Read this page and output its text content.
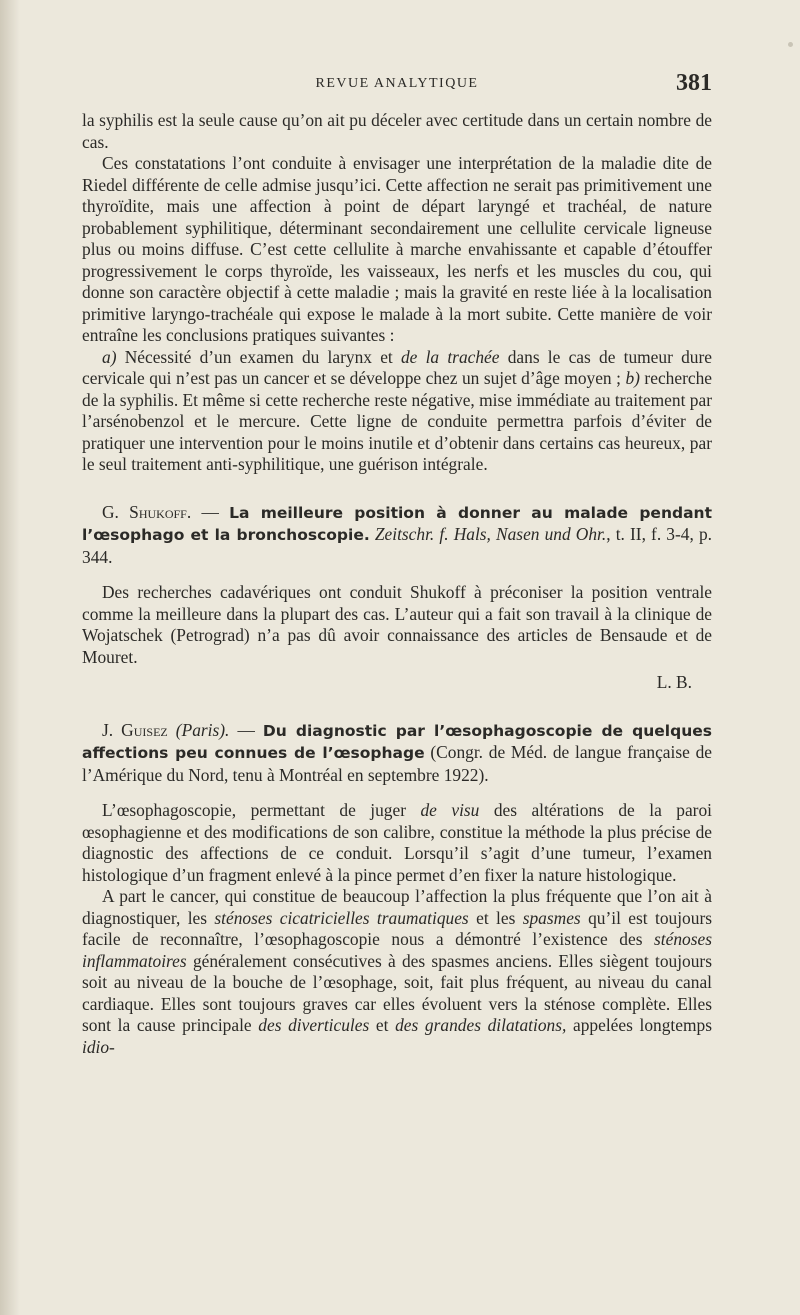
REVUE ANALYTIQUE	381

la syphilis est la seule cause qu’on ait pu déceler avec certitude dans un certain nombre de cas.

Ces constatations l’ont conduite à envisager une interprétation de la maladie dite de Riedel différente de celle admise jusqu’ici. Cette affection ne serait pas primitivement une thyroïdite, mais une affection à point de départ laryngé et trachéal, de nature probablement syphilitique, déterminant secondairement une cellulite cervicale ligneuse plus ou moins diffuse. C’est cette cellulite à marche envahissante et capable d’étouffer progressivement le corps thyroïde, les vaisseaux, les nerfs et les muscles du cou, qui donne son caractère objectif à cette maladie ; mais la gravité en reste liée à la localisation primitive laryngo-trachéale qui expose le malade à la mort subite. Cette manière de voir entraîne les conclusions pratiques suivantes :

a) Nécessité d’un examen du larynx et de la trachée dans le cas de tumeur dure cervicale qui n’est pas un cancer et se développe chez un sujet d’âge moyen ; b) recherche de la syphilis. Et même si cette recherche reste négative, mise immédiate au traitement par l’arsénobenzol et le mercure. Cette ligne de conduite permettra parfois d’éviter de pratiquer une intervention pour le moins inutile et d’obtenir dans certains cas heureux, par le seul traitement anti-syphilitique, une guérison intégrale.

G. Shukoff. — La meilleure position à donner au malade pendant l’œsophago et la bronchoscopie. Zeitschr. f. Hals, Nasen und Ohr., t. II, f. 3-4, p. 344.

Des recherches cadavériques ont conduit Shukoff à préconiser la position ventrale comme la meilleure dans la plupart des cas. L’auteur qui a fait son travail à la clinique de Wojatschek (Petrograd) n’a pas dû avoir connaissance des articles de Bensaude et de Mouret.

L. B.

J. Guisez (Paris). — Du diagnostic par l’œsophagoscopie de quelques affections peu connues de l’œsophage (Congr. de Méd. de langue française de l’Amérique du Nord, tenu à Montréal en septembre 1922).

L’œsophagoscopie, permettant de juger de visu des altérations de la paroi œsophagienne et des modifications de son calibre, constitue la méthode la plus précise de diagnostic des affections de ce conduit. Lorsqu’il s’agit d’une tumeur, l’examen histologique d’un fragment enlevé à la pince permet d’en fixer la nature histologique.

A part le cancer, qui constitue de beaucoup l’affection la plus fréquente que l’on ait à diagnostiquer, les sténoses cicatricielles traumatiques et les spasmes qu’il est toujours facile de reconnaître, l’œsophagoscopie nous a démontré l’existence des sténoses inflammatoires généralement consécutives à des spasmes anciens. Elles siègent toujours soit au niveau de la bouche de l’œsophage, soit, fait plus fréquent, au niveau du canal cardiaque. Elles sont toujours graves car elles évoluent vers la sténose complète. Elles sont la cause principale des diverticules et des grandes dilatations, appelées longtemps idio-
